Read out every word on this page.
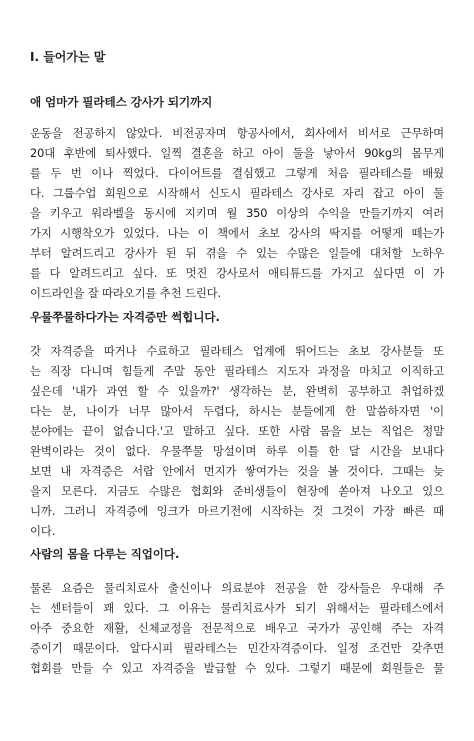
Ⅰ. 들어가는 말
애 엄마가 필라테스 강사가 되기까지
운동을 전공하지 않았다. 비전공자며 항공사에서, 회사에서 비서로 근무하며
20대 후반에 퇴사했다. 일찍 결혼을 하고 아이 둘을 낳아서 90kg의 몸무게
를 두 번 이나 찍었다. 다이어트를 결심했고 그렇게 처음 필라테스를 배웠
다. 그룹수업 회원으로 시작해서 신도시 필라테스 강사로 자리 잡고 아이 둘
을 키우고 워라벨을 동시에 지키며 월 350 이상의 수익을 만들기까지 여러
가지 시행착오가 있었다. 나는 이 책에서 초보 강사의 딱지를 어떻게 떼는가
부터 알려드리고 강사가 된 뒤 겪을 수 있는 수많은 일들에 대처할 노하우
를 다 알려드리고 싶다. 또 멋진 강사로서 애티튜드를 가지고 싶다면 이 가
이드라인을 잘 따라오기를 추천 드린다.
우물쭈물하다가는 자격증만 썩힙니다.
갓 자격증을 따거나 수료하고 필라테스 업계에 뛰어드는 초보 강사분들 또
는 직장 다니며 힘들게 주말 동안 필라테스 지도자 과정을 마치고 이직하고
싶은데 '내가 과연 할 수 있을까?' 생각하는 분, 완벽히 공부하고 취업하겠
다는 분, 나이가 너무 많아서 두렵다, 하시는 분들에게 한 말씀하자면 '이
분야에는 끝이 없습니다.'고 말하고 싶다. 또한 사람 몸을 보는 직업은 정말
완벽이라는 것이 없다. 우물쭈물 망설이며 하루 이틀 한 달 시간을 보내다
보면 내 자격증은 서랍 안에서 먼지가 쌓여가는 것을 볼 것이다. 그때는 늦
을지 모른다. 지금도 수많은 협회와 준비생들이 현장에 쏟아져 나오고 있으
니까. 그러니 자격증에 잉크가 마르기전에 시작하는 것 그것이 가장 빠른 때
이다.
사람의 몸을 다루는 직업이다.
물론 요즘은 물리치료사 출신이나 의료분야 전공을 한 강사들은 우대해 주
는 센터들이 꽤 있다. 그 이유는 물리치료사가 되기 위해서는 필라테스에서
아주 중요한 재활, 신체교정을 전문적으로 배우고 국가가 공인해 주는 자격
증이기 때문이다. 알다시피 필라테스는 민간자격증이다. 일정 조건만 갖추면
협회를 만들 수 있고 자격증을 발급할 수 있다. 그렇기 때문에 회원들은 물
